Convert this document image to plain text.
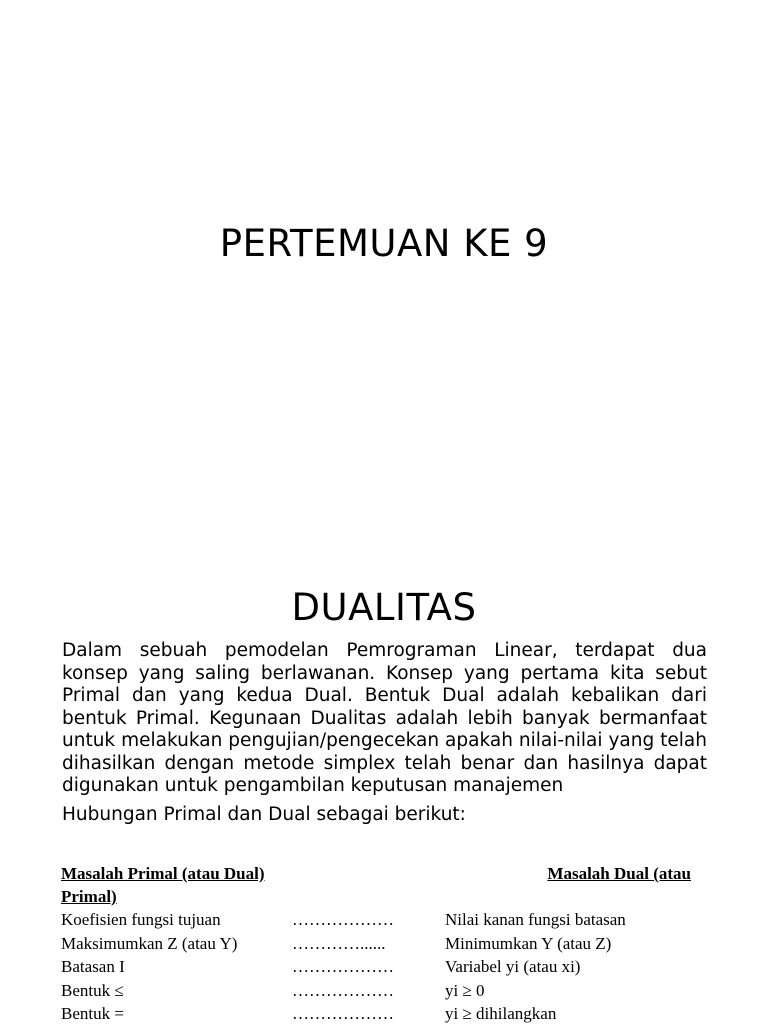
PERTEMUAN KE 9
DUALITAS

Dalam sebuah pemodelan Pemrograman Linear, terdapat dua konsep yang saling berlawanan. Konsep yang pertama kita sebut Primal dan yang kedua Dual. Bentuk Dual adalah kebalikan dari bentuk Primal. Kegunaan Dualitas adalah lebih banyak bermanfaat untuk melakukan pengujian/pengecekan apakah nilai-nilai yang telah dihasilkan dengan metode simplex telah benar dan hasilnya dapat digunakan untuk pengambilan keputusan manajemen

Hubungan Primal dan Dual sebagai berikut:

Masalah Primal (atau Dual)	Masalah Dual (atau
Primal)
Koefisien fungsi tujuan	………………	Nilai kanan fungsi batasan
Maksimumkan Z (atau Y)	…………......	Minimumkan Y (atau Z)
Batasan I	………………	Variabel yi (atau xi)
Bentuk ≤	………………	yi ≥ 0
Bentuk =	………………	yi ≥ dihilangkan
